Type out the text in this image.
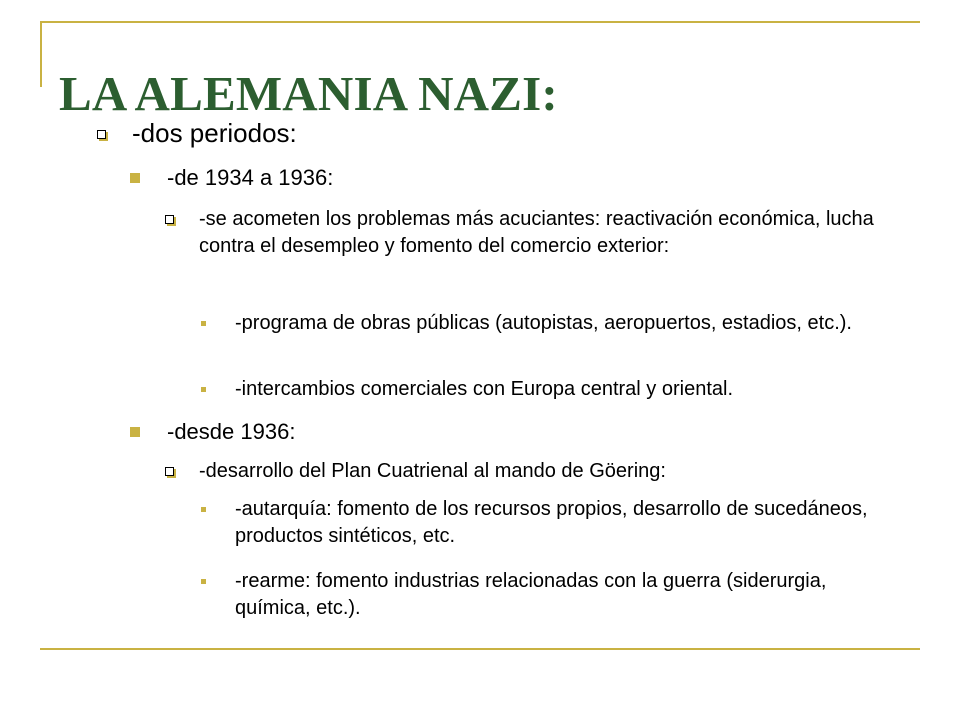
LA ALEMANIA NAZI:
-dos periodos:
-de 1934 a 1936:
-se acometen los problemas más acuciantes: reactivación económica, lucha contra el desempleo y fomento del comercio exterior:
-programa de obras públicas (autopistas, aeropuertos, estadios, etc.).
-intercambios comerciales con Europa central y oriental.
-desde 1936:
-desarrollo del Plan Cuatrienal al mando de Göering:
-autarquía: fomento de los recursos propios, desarrollo de sucedáneos, productos sintéticos, etc.
-rearme: fomento industrias relacionadas con la guerra (siderurgia, química, etc.).
